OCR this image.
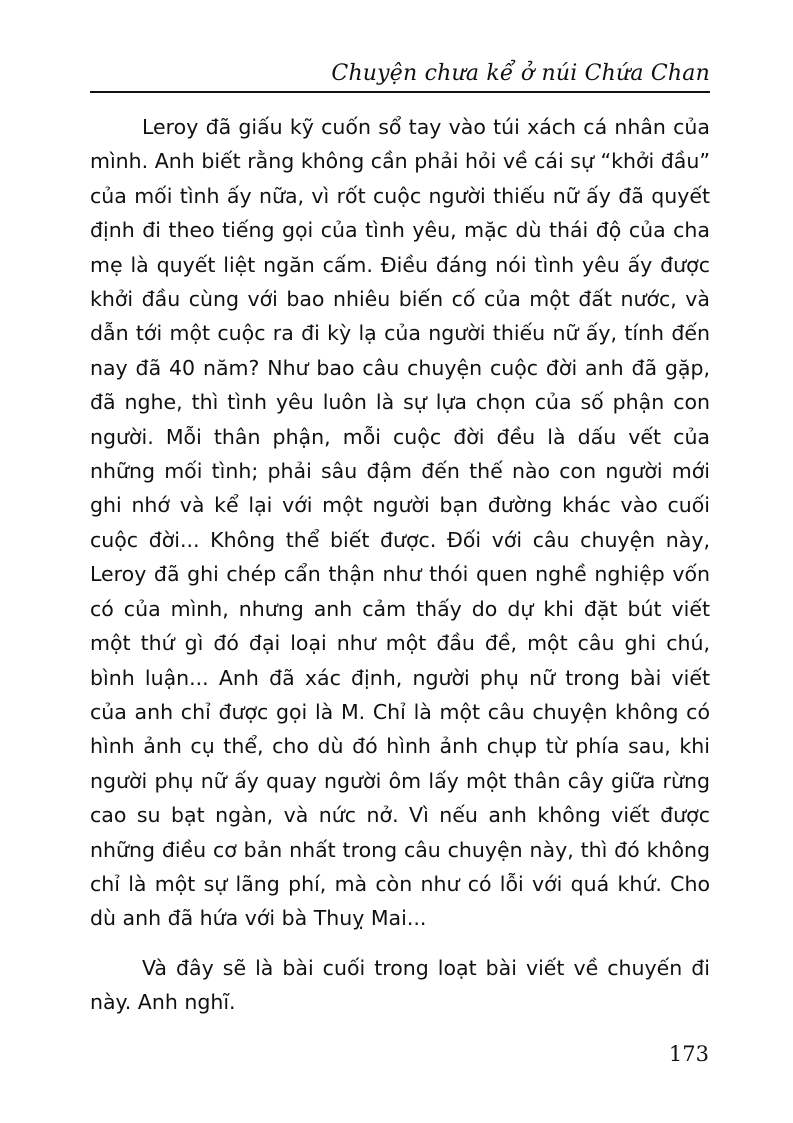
Chuyện chưa kể ở núi Chứa Chan

Leroy đã giấu kỹ cuốn sổ tay vào túi xách cá nhân của mình. Anh biết rằng không cần phải hỏi về cái sự “khởi đầu” của mối tình ấy nữa, vì rốt cuộc người thiếu nữ ấy đã quyết định đi theo tiếng gọi của tình yêu, mặc dù thái độ của cha mẹ là quyết liệt ngăn cấm. Điều đáng nói tình yêu ấy được khởi đầu cùng với bao nhiêu biến cố của một đất nước, và dẫn tới một cuộc ra đi kỳ lạ của người thiếu nữ ấy, tính đến nay đã 40 năm? Như bao câu chuyện cuộc đời anh đã gặp, đã nghe, thì tình yêu luôn là sự lựa chọn của số phận con người. Mỗi thân phận, mỗi cuộc đời đều là dấu vết của những mối tình; phải sâu đậm đến thế nào con người mới ghi nhớ và kể lại với một người bạn đường khác vào cuối cuộc đời... Không thể biết được. Đối với câu chuyện này, Leroy đã ghi chép cẩn thận như thói quen nghề nghiệp vốn có của mình, nhưng anh cảm thấy do dự khi đặt bút viết một thứ gì đó đại loại như một đầu đề, một câu ghi chú, bình luận... Anh đã xác định, người phụ nữ trong bài viết của anh chỉ được gọi là M. Chỉ là một câu chuyện không có hình ảnh cụ thể, cho dù đó hình ảnh chụp từ phía sau, khi người phụ nữ ấy quay người ôm lấy một thân cây giữa rừng cao su bạt ngàn, và nức nở. Vì nếu anh không viết được những điều cơ bản nhất trong câu chuyện này, thì đó không chỉ là một sự lãng phí, mà còn như có lỗi với quá khứ. Cho dù anh đã hứa với bà Thuỵ Mai...

Và đây sẽ là bài cuối trong loạt bài viết về chuyến đi này. Anh nghĩ.

173
